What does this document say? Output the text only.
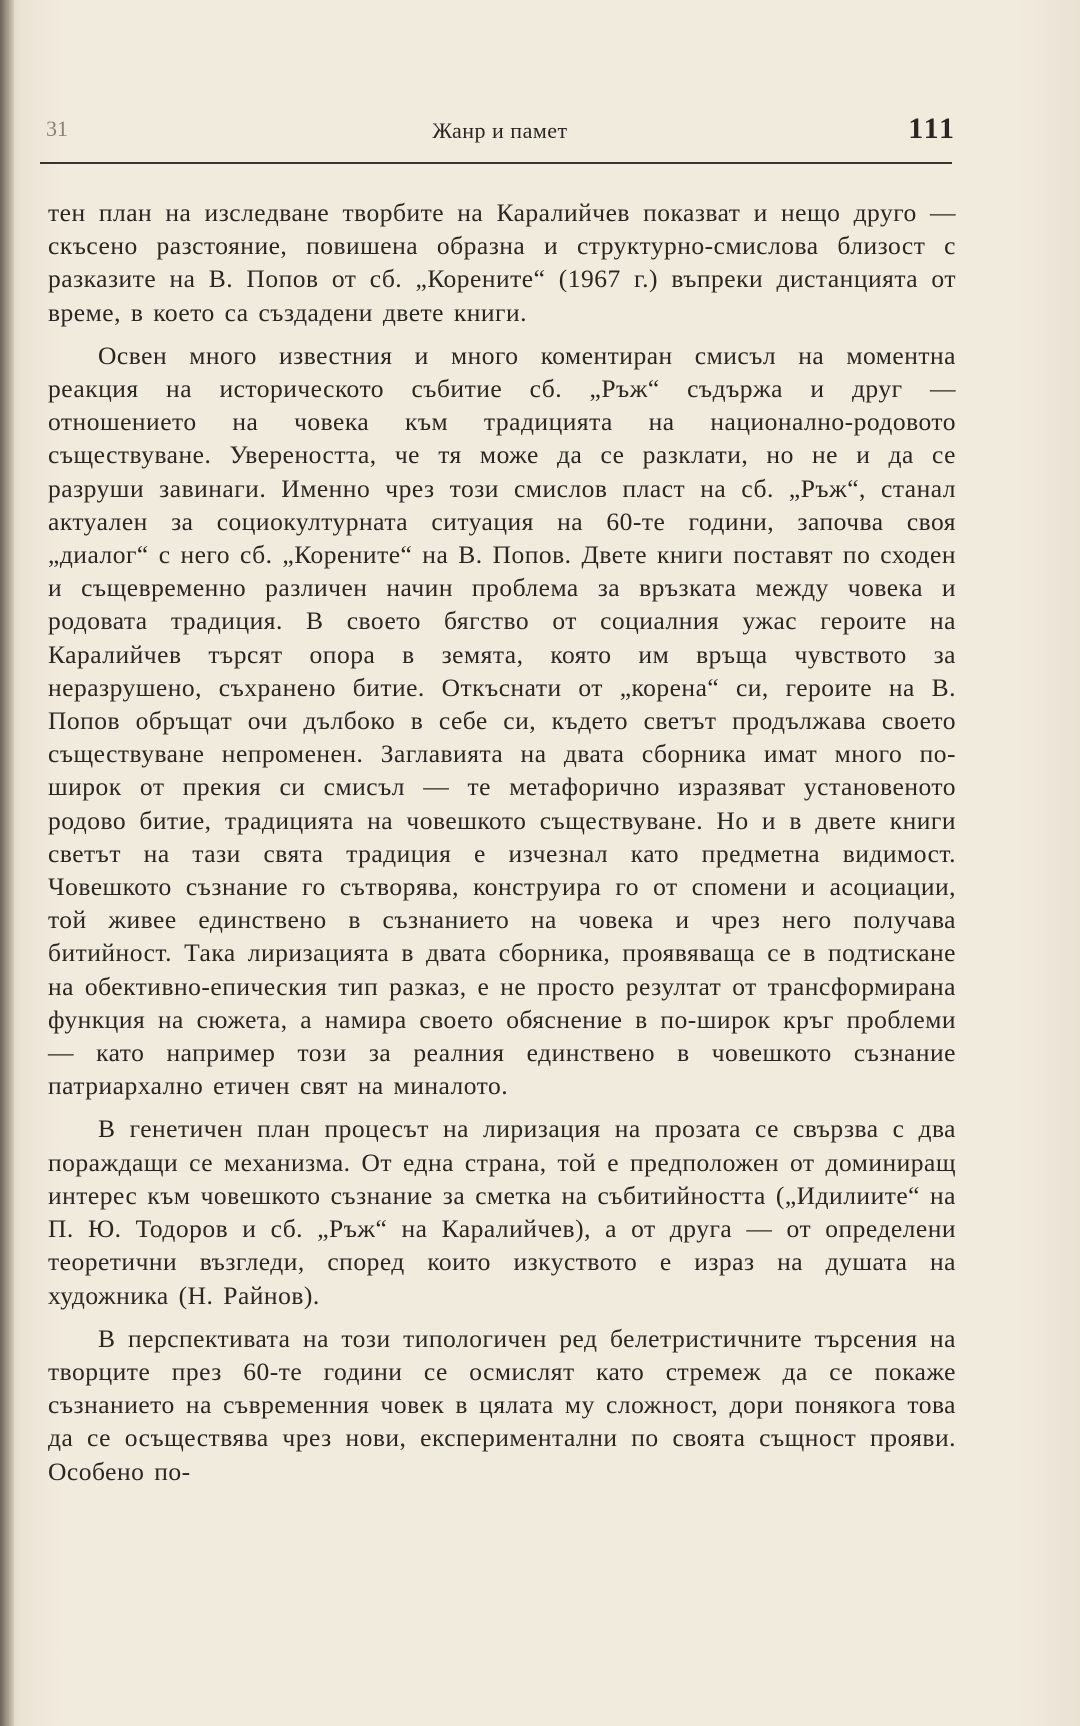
31	Жанр и памет	111

тен план на изследване творбите на Каралийчев показват и нещо друго — скъсено разстояние, повишена образна и структурно-смислова близост с разказите на В. Попов от сб. „Корените“ (1967 г.) въпреки дистанцията от време, в което са създадени двете книги.

Освен много известния и много коментиран смисъл на моментна реакция на историческото събитие сб. „Ръж“ съдържа и друг — отношението на човека към традицията на национално-родовото съществуване. Увереността, че тя може да се разклати, но не и да се разруши завинаги. Именно чрез този смислов пласт на сб. „Ръж“, станал актуален за социокултурната ситуация на 60-те години, започва своя „диалог“ с него сб. „Корените“ на В. Попов. Двете книги поставят по сходен и същевременно различен начин проблема за връзката между човека и родовата традиция. В своето бягство от социалния ужас героите на Каралийчев търсят опора в земята, която им връща чувството за неразрушено, съхранено битие. Откъснати от „корена“ си, героите на В. Попов обръщат очи дълбоко в себе си, където светът продължава своето съществуване непроменен. Заглавията на двата сборника имат много по-широк от прекия си смисъл — те метафорично изразяват установеното родово битие, традицията на човешкото съществуване. Но и в двете книги светът на тази свята традиция е изчезнал като предметна видимост. Човешкото съзнание го сътворява, конструира го от спомени и асоциации, той живее единствено в съзнанието на човека и чрез него получава битийност. Така лиризацията в двата сборника, проявяваща се в подтискане на обективно-епическия тип разказ, е не просто резултат от трансформирана функция на сюжета, а намира своето обяснение в по-широк кръг проблеми — като например този за реалния единствено в човешкото съзнание патриархално етичен свят на миналото.

В генетичен план процесът на лиризация на прозата се свързва с два пораждащи се механизма. От една страна, той е предположен от доминиращ интерес към човешкото съзнание за сметка на събитийността („Идилиите“ на П. Ю. Тодоров и сб. „Ръж“ на Каралийчев), а от друга — от определени теоретични възгледи, според които изкуството е израз на душата на художника (Н. Райнов).

В перспективата на този типологичен ред белетристичните търсения на творците през 60-те години се осмислят като стремеж да се покаже съзнанието на съвременния човек в цялата му сложност, дори понякога това да се осъществява чрез нови, експериментални по своята същност прояви. Особено по-
